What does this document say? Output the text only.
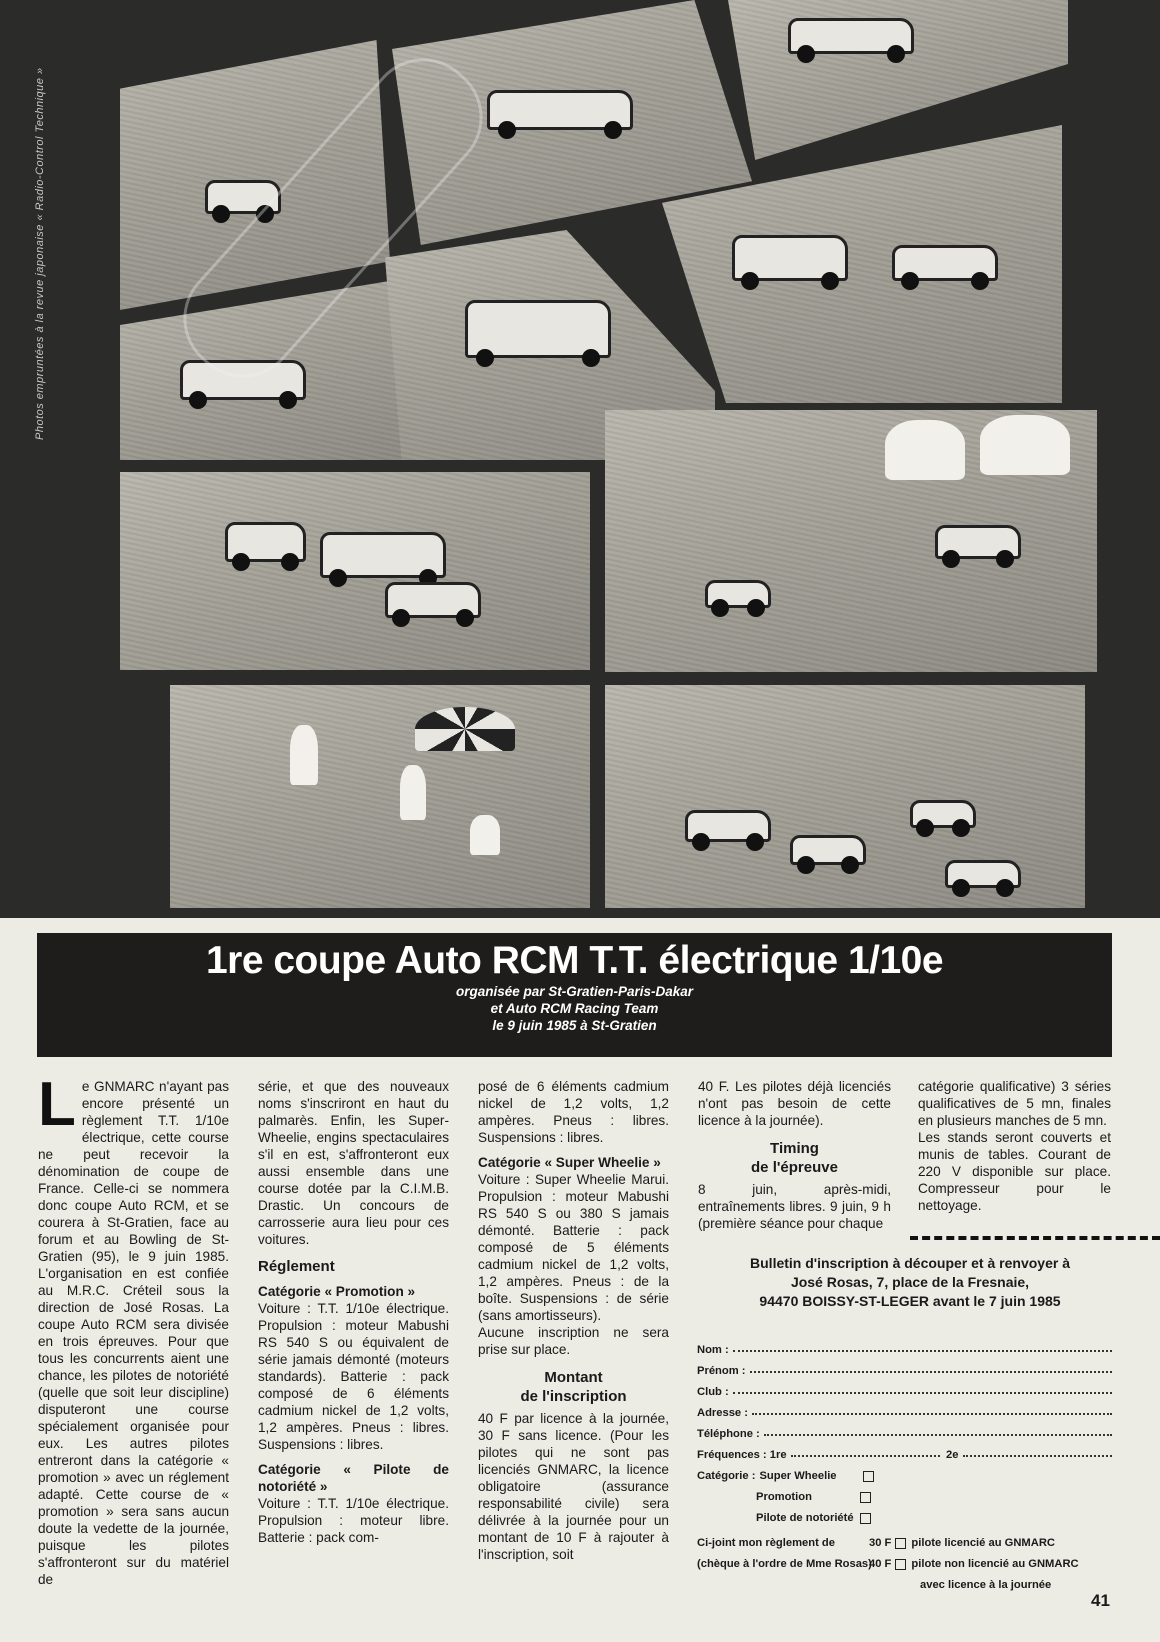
Photos empruntées à la revue japonaise « Radio-Control Technique »
1re coupe Auto RCM T.T. électrique 1/10e
organisée par St-Gratien-Paris-Dakar
et Auto RCM Racing Team
le 9 juin 1985 à St-Gratien

Le GNMARC n'ayant pas encore présenté un règlement T.T. 1/10e électrique, cette course ne peut recevoir la dénomination de coupe de France. Celle-ci se nommera donc coupe Auto RCM, et se courera à St-Gratien, face au forum et au Bowling de St-Gratien (95), le 9 juin 1985. L'organisation en est confiée au M.R.C. Créteil sous la direction de José Rosas. La coupe Auto RCM sera divisée en trois épreuves. Pour que tous les concurrents aient une chance, les pilotes de notoriété (quelle que soit leur discipline) disputeront une course spécialement organisée pour eux. Les autres pilotes entreront dans la catégorie « promotion » avec un réglement adapté. Cette course de « promotion » sera sans aucun doute la vedette de la journée, puisque les pilotes s'affronteront sur du matériel de

série, et que des nouveaux noms s'inscriront en haut du palmarès. Enfin, les Super-Wheelie, engins spectaculaires s'il en est, s'affronteront eux aussi ensemble dans une course dotée par la C.I.M.B. Drastic. Un concours de carrosserie aura lieu pour ces voitures.

Réglement
Catégorie « Promotion »

Voiture : T.T. 1/10e électrique. Propulsion : moteur Mabushi RS 540 S ou équivalent de série jamais démonté (moteurs standards). Batterie : pack composé de 6 éléments cadmium nickel de 1,2 volts, 1,2 ampères. Pneus : libres. Suspensions : libres.

Catégorie « Pilote de notoriété »

Voiture : T.T. 1/10e électrique. Propulsion : moteur libre. Batterie : pack com-

posé de 6 éléments cadmium nickel de 1,2 volts, 1,2 ampères. Pneus : libres. Suspensions : libres.

Catégorie « Super Wheelie »

Voiture : Super Wheelie Marui. Propulsion : moteur Mabushi RS 540 S ou 380 S jamais démonté. Batterie : pack composé de 5 éléments cadmium nickel de 1,2 volts, 1,2 ampères. Pneus : de la boîte. Suspensions : de série (sans amortisseurs).

Aucune inscription ne sera prise sur place.

Montant
de l'inscription

40 F par licence à la journée, 30 F sans licence. (Pour les pilotes qui ne sont pas licenciés GNMARC, la licence obligatoire (assurance responsabilité civile) sera délivrée à la journée pour un montant de 10 F à rajouter à l'inscription, soit

40 F. Les pilotes déjà licenciés n'ont pas besoin de cette licence à la journée).

Timing
de l'épreuve

8 juin, après-midi, entraînements libres. 9 juin, 9 h (première séance pour chaque

catégorie qualificative) 3 séries qualificatives de 5 mn, finales en plusieurs manches de 5 mn.

Les stands seront couverts et munis de tables. Courant de 220 V disponible sur place. Compresseur pour le nettoyage.

Bulletin d'inscription à découper et à renvoyer à
José Rosas, 7, place de la Fresnaie,
94470 BOISSY-ST-LEGER avant le 7 juin 1985
Nom :
Prénom :
Club :
Adresse :
Téléphone :
Fréquences : 1re	2e
Catégorie : Super Wheelie
Promotion
Pilote de notoriété
Ci-joint mon règlement de	30 F pilote licencié au GNMARC
(chèque à l'ordre de Mme Rosas)
40 F pilote non licencié au GNMARC
avec licence à la journée
41
